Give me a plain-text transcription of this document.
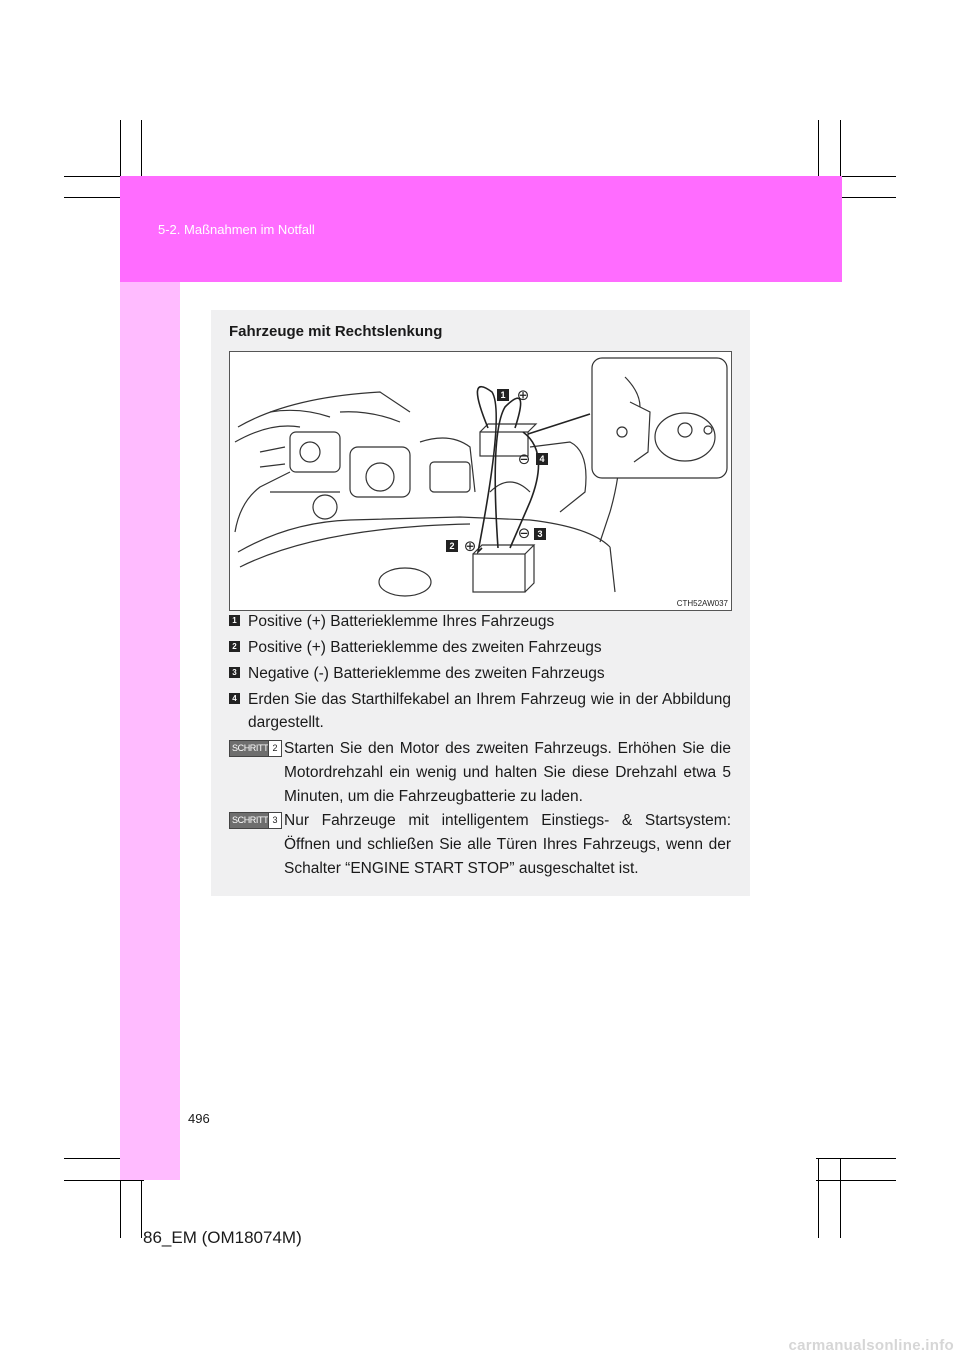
5-2. Maßnahmen im Notfall
Fahrzeuge mit Rechtslenkung
1
2
3
4
⊕
⊕
⊖
⊖
CTH52AW037
1 Positive (+) Batterieklemme Ihres Fahrzeugs
2 Positive (+) Batterieklemme des zweiten Fahrzeugs
3 Negative (-) Batterieklemme des zweiten Fahrzeugs
4 Erden Sie das Starthilfekabel an Ihrem Fahrzeug wie in der Abbildung dargestellt.
SCHRITT 2 Starten Sie den Motor des zweiten Fahrzeugs. Erhöhen Sie die Motordrehzahl ein wenig und halten Sie diese Drehzahl etwa 5 Minuten, um die Fahrzeugbatterie zu laden.
SCHRITT 3 Nur Fahrzeuge mit intelligentem Einstiegs- & Startsystem: Öffnen und schließen Sie alle Türen Ihres Fahrzeugs, wenn der Schalter “ENGINE START STOP” ausgeschaltet ist.
496
86_EM (OM18074M)
carmanualsonline.info
